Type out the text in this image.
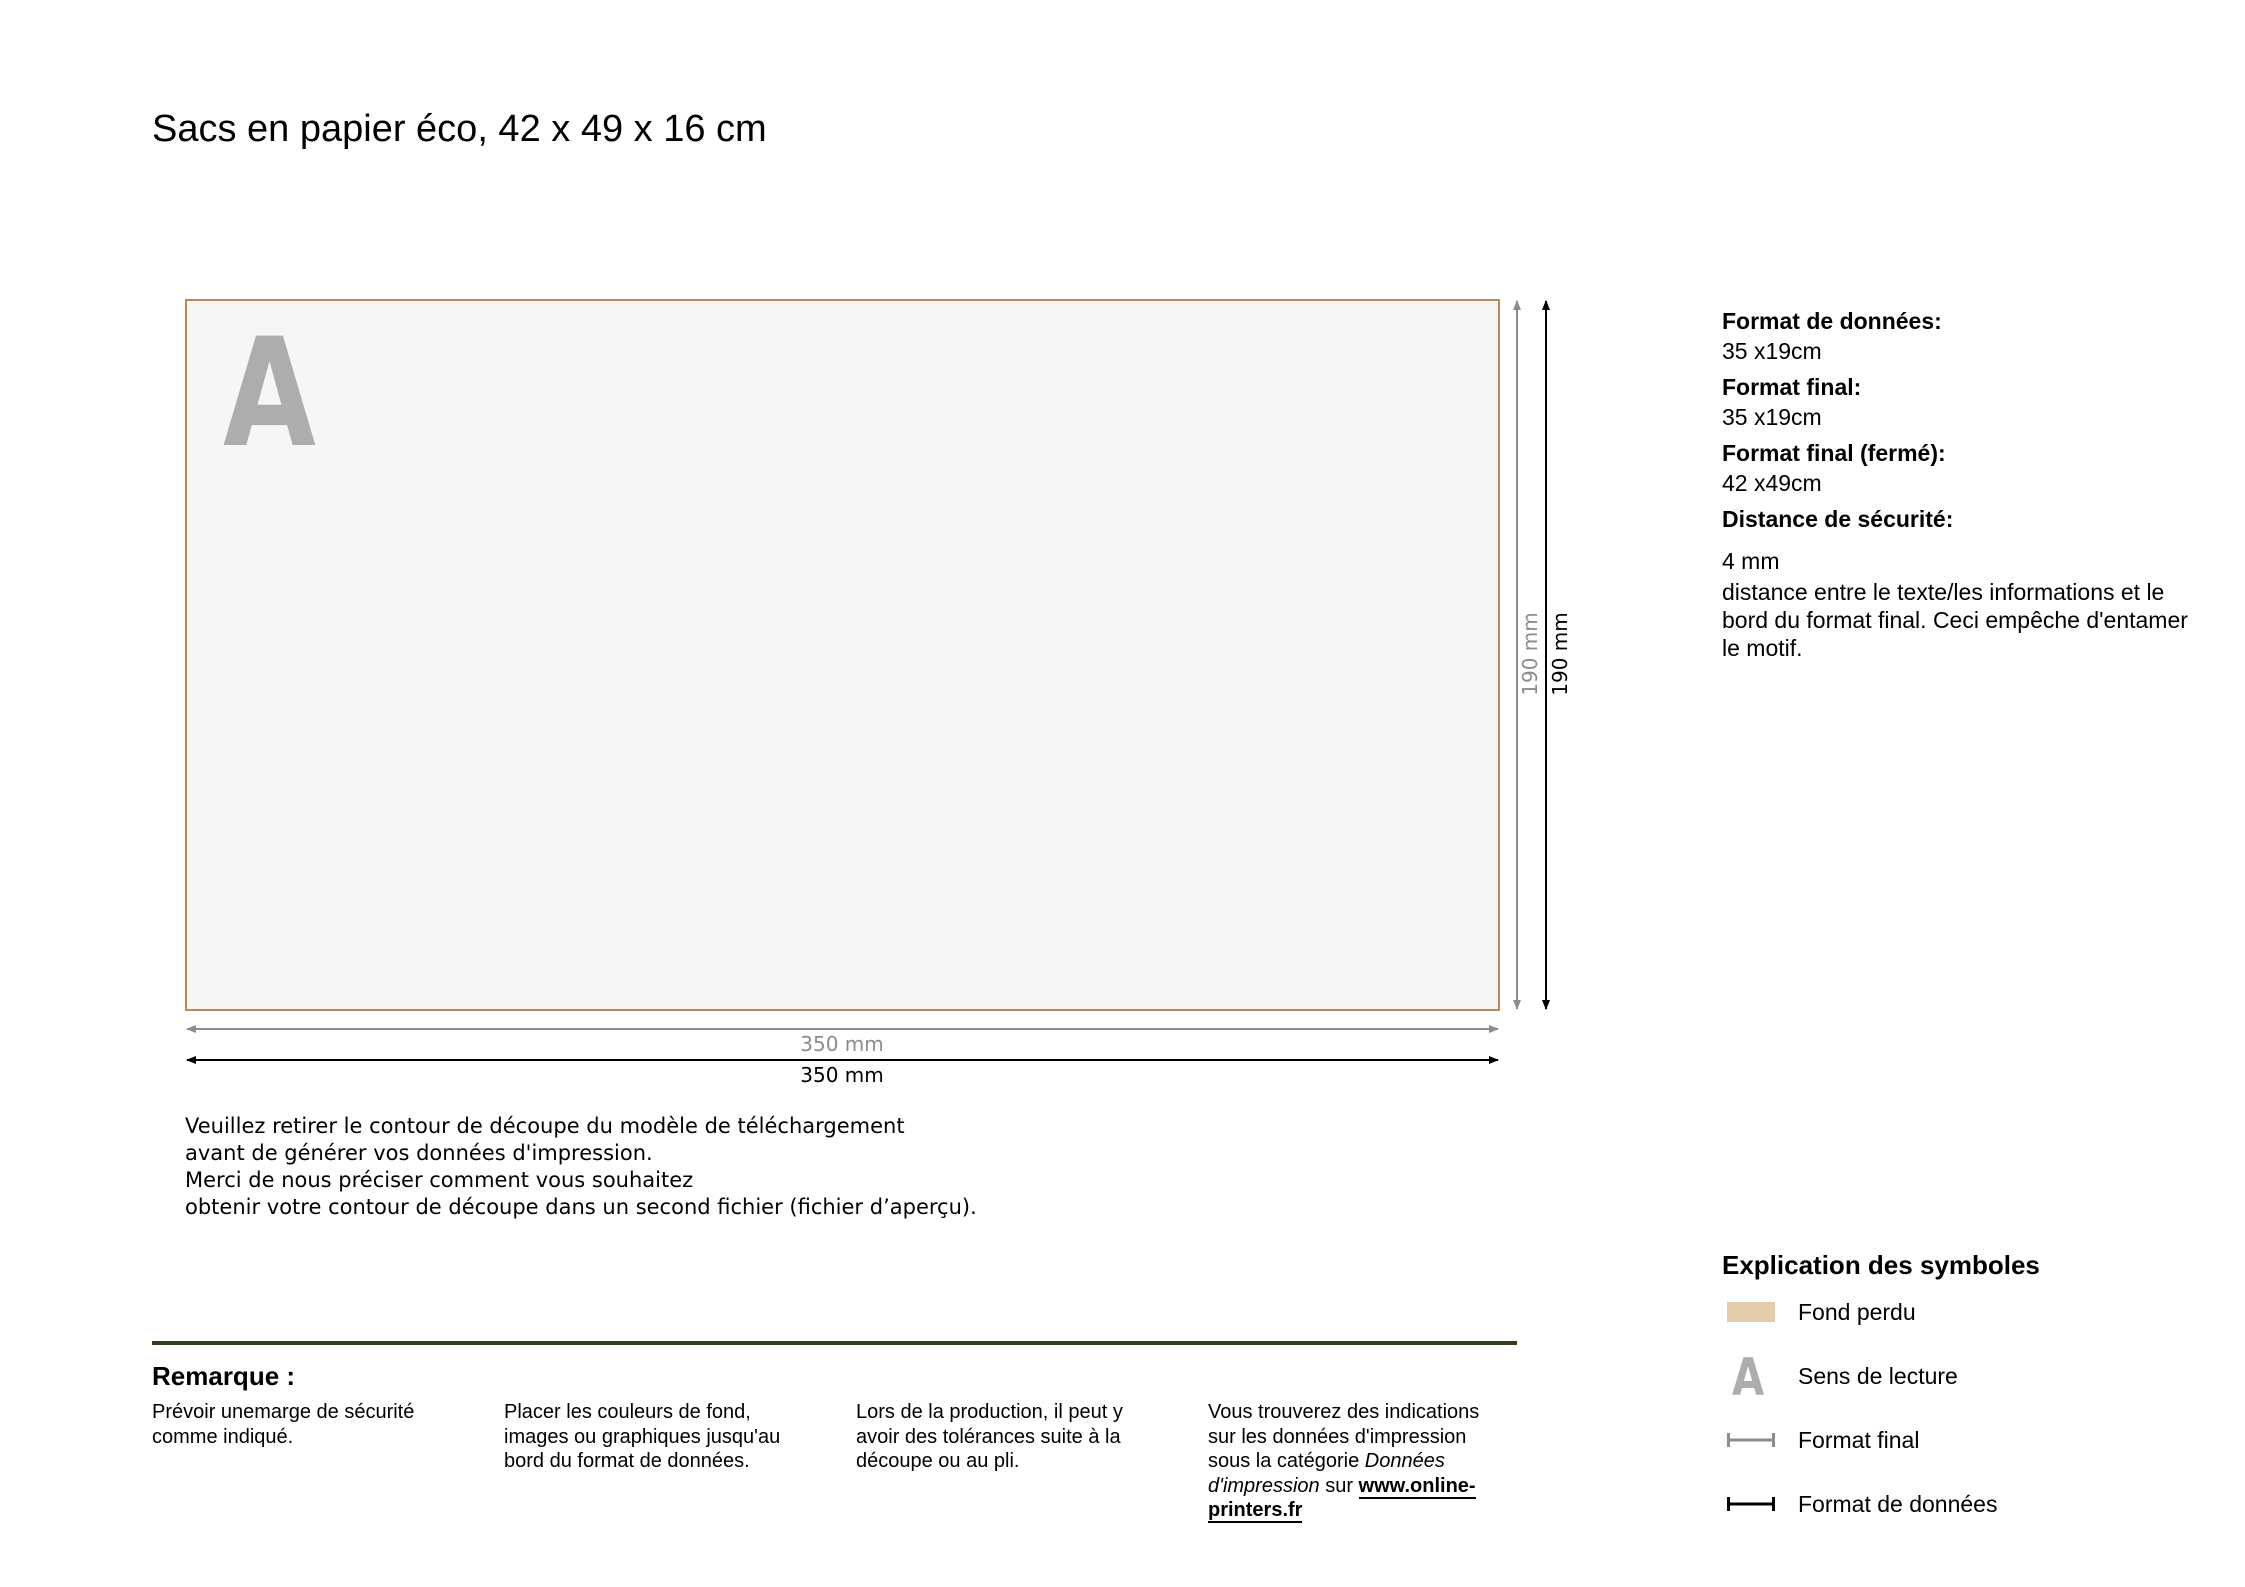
Sacs en papier éco, 42 x 49 x 16 cm
A
350 mm
350 mm
190 mm 190 mm
Veuillez retirer le contour de découpe du modèle de téléchargement
avant de générer vos données d'impression.
Merci de nous préciser comment vous souhaitez
obtenir votre contour de découpe dans un second fichier (fichier d’aperçu).
Format de données:
35 x19cm
Format final:
35 x19cm
Format final (fermé):
42 x49cm
Distance de sécurité:
4 mm
distance entre le texte/les informations et le bord du format final. Ceci empêche d'entamer le motif.
Remarque :
Prévoir unemarge de sécurité comme indiqué.
Placer les couleurs de fond, images ou graphiques jusqu'au bord du format de données.
Lors de la production, il peut y avoir des tolérances suite à la découpe ou au pli.
Vous trouverez des indications sur les données d'impression sous la catégorie Données d'impression sur www.online-printers.fr
Explication des symboles
Fond perdu
A Sens de lecture
Format final
Format de données
